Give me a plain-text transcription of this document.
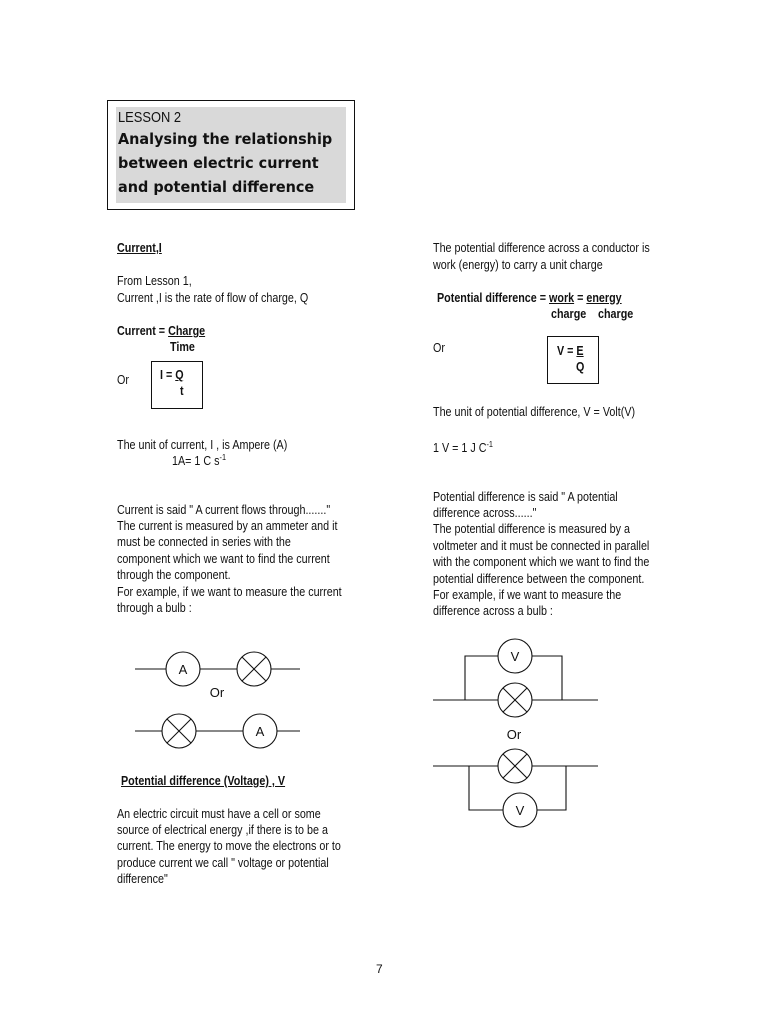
LESSON 2
Analysing the relationship
between electric current
and potential difference
Current,I
From Lesson 1,
Current ,I is the rate of flow of charge, Q
Current = Charge
Time
Or I = Q
t
The unit of current, I , is Ampere (A)
1A= 1 C $s^{-1}$
Current is said " A current flows through......."
The current is measured by an ammeter and it
must be connected in series with the
component which we want to find the current
through the component.
For example, if we want to measure the current
through a bulb :
A
Or
A
Potential difference (Voltage) , V
An electric circuit must have a cell or some
source of electrical energy ,if there is to be a
current. The energy to move the electrons or to
produce current we call " voltage or potential
difference"
The potential difference across a conductor is
work (energy) to carry a unit charge
Potential difference = work = energy
charge charge
Or	V = E
Q
The unit of potential difference, V = Volt(V)
1 V = 1 J $C^{-1}$
Potential difference is said " A potential
difference across......"
The potential difference is measured by a
voltmeter and it must be connected in parallel
with the component which we want to find the
potential difference between the component.
For example, if we want to measure the
difference across a bulb :
V
Or
V
7
